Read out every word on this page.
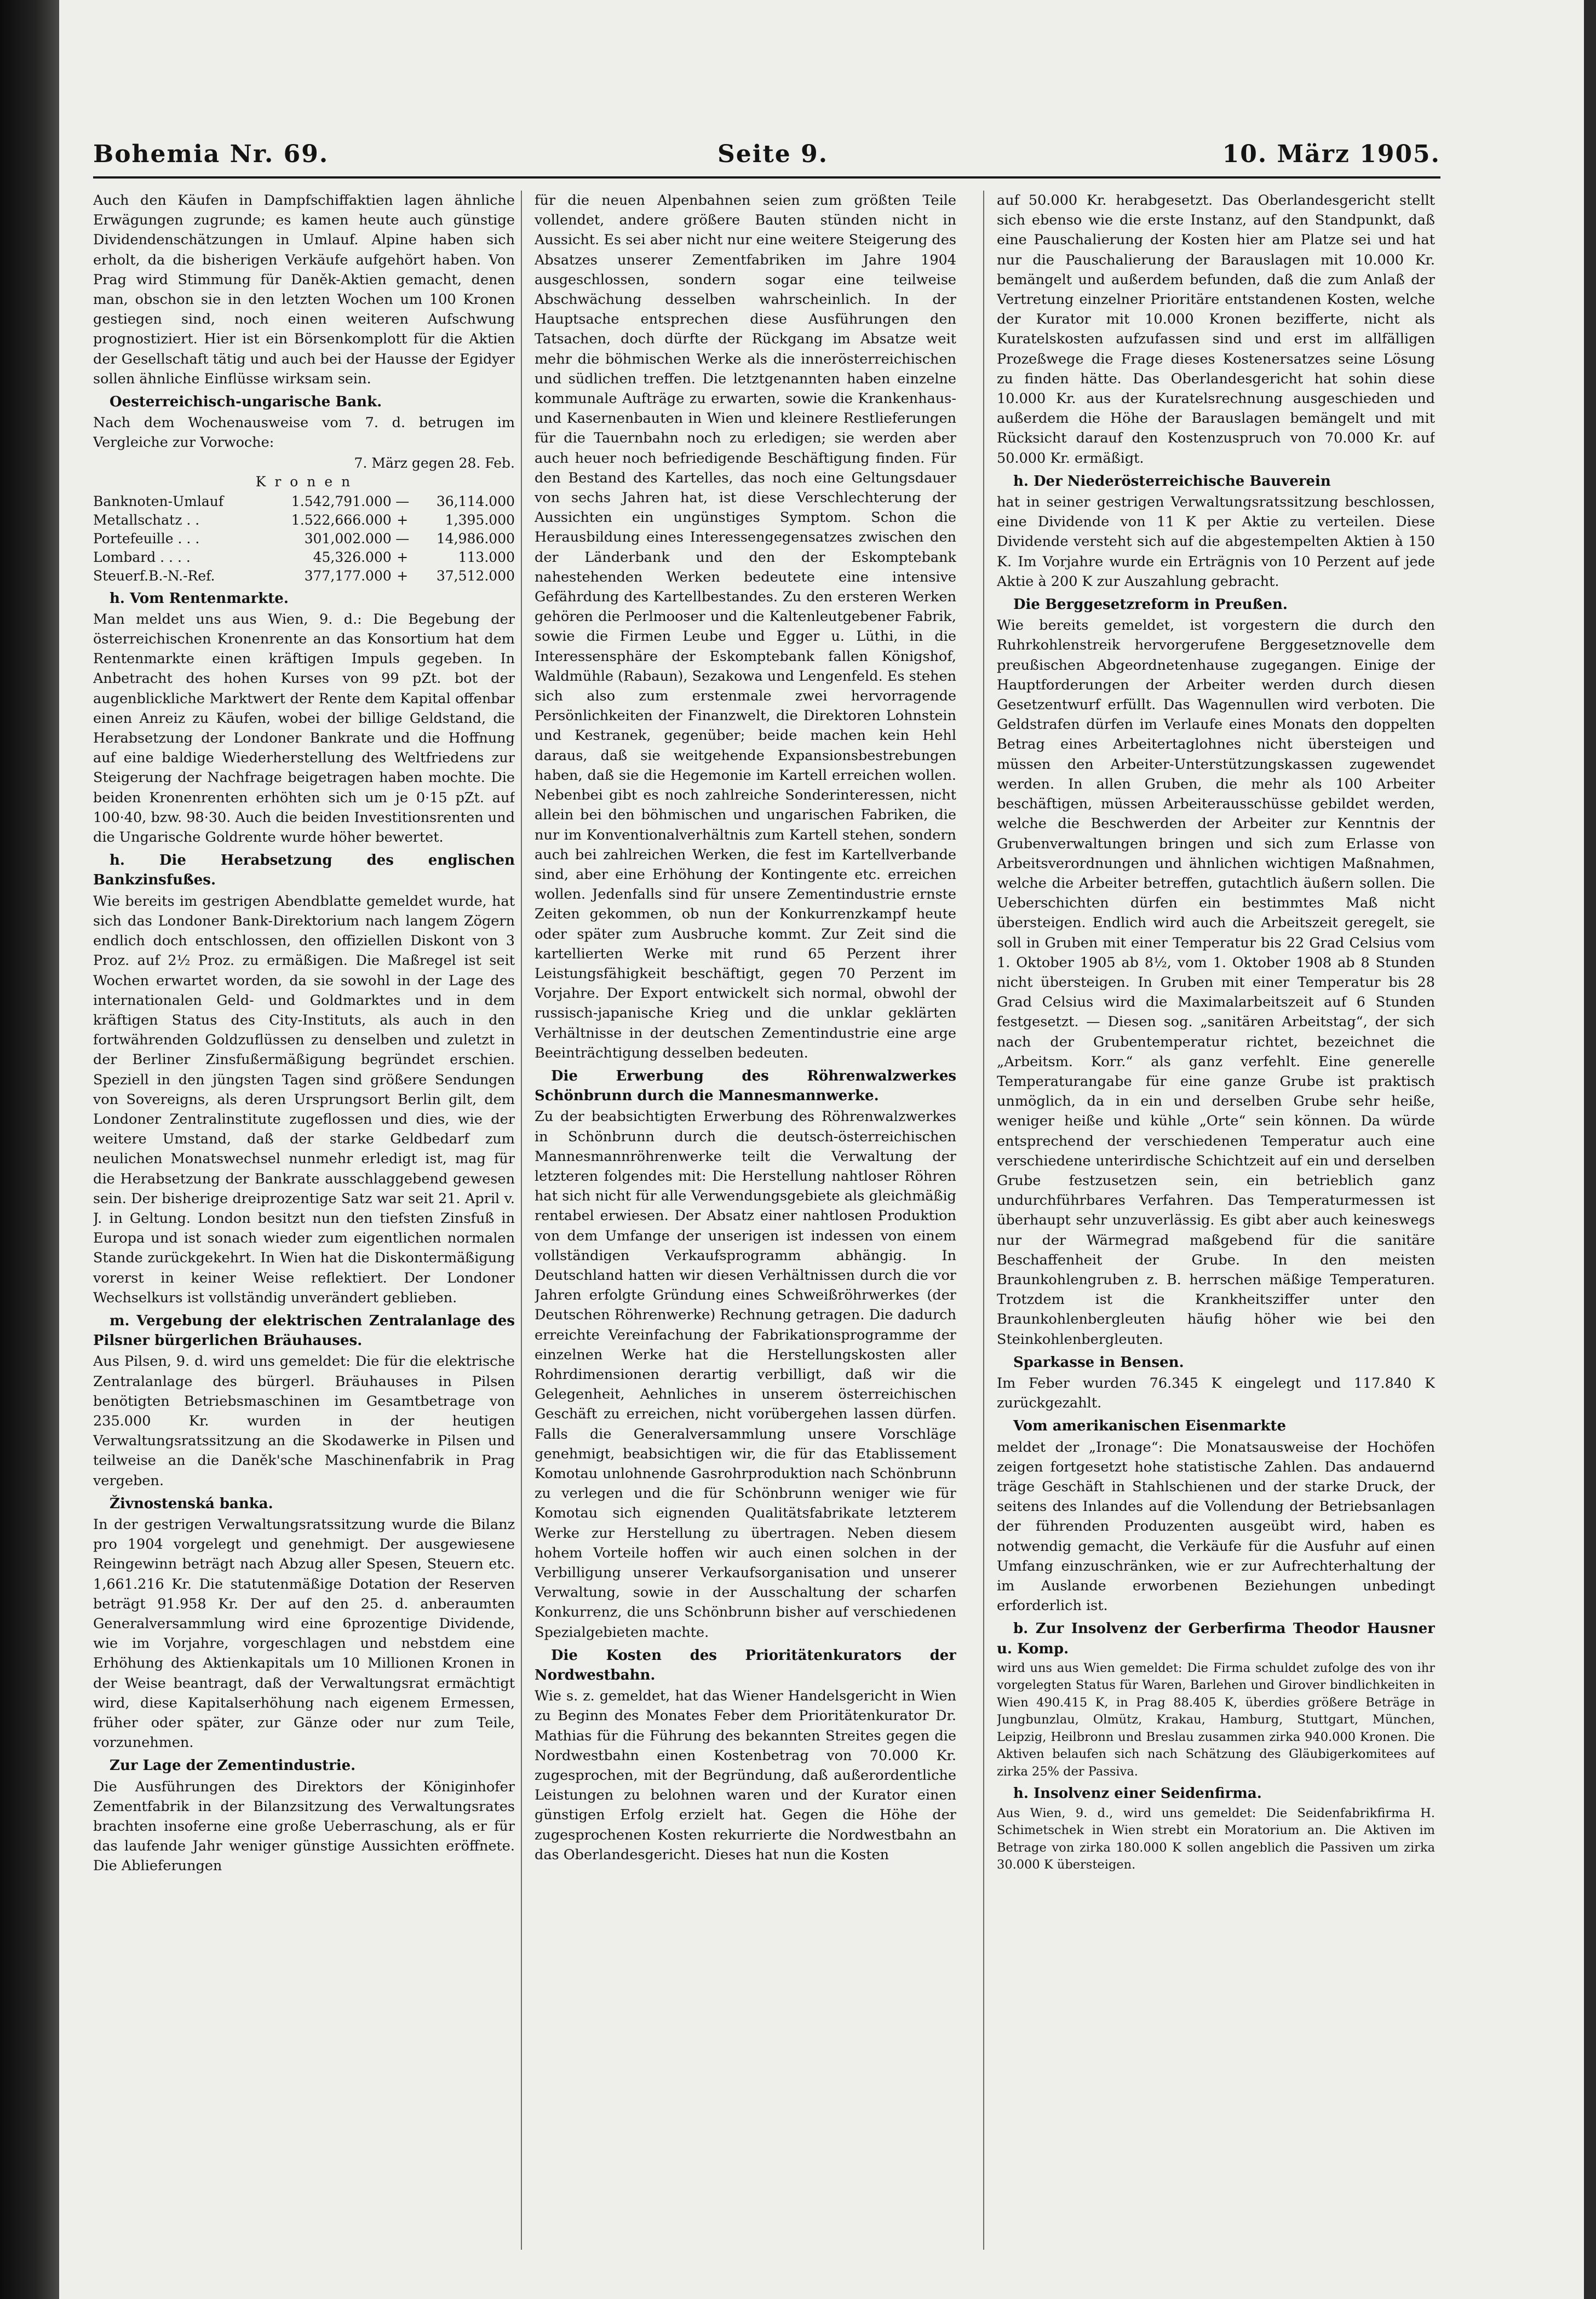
Bohemia Nr. 69.	Seite 9.	10. März 1905.

Auch den Käufen in Dampfschiffaktien lagen ähnliche Erwägungen zugrunde; es kamen heute auch günstige Dividendenschätzungen in Umlauf. Alpine haben sich erholt, da die bisherigen Verkäufe aufgehört haben. Von Prag wird Stimmung für Daněk-Aktien gemacht, denen man, obschon sie in den letzten Wochen um 100 Kronen gestiegen sind, noch einen weiteren Aufschwung prognostiziert. Hier ist ein Börsenkomplott für die Aktien der Gesellschaft tätig und auch bei der Hausse der Egidyer sollen ähnliche Einflüsse wirksam sein.

Oesterreichisch-ungarische Bank.

Nach dem Wochenausweise vom 7. d. betrugen im Vergleiche zur Vorwoche:

7. März gegen 28. Feb.
K r o n e n
Banknoten-Umlauf	1.542,791.000	—	36,114.000
Metallschatz . .	1.522,666.000	+	1,395.000
Portefeuille . . .	301,002.000	—	14,986.000
Lombard . . . .	45,326.000	+	113.000
Steuerf.B.-N.-Ref.	377,177.000	+	37,512.000
h. Vom Rentenmarkte.

Man meldet uns aus Wien, 9. d.: Die Begebung der österreichischen Kronenrente an das Konsortium hat dem Rentenmarkte einen kräftigen Impuls gegeben. In Anbetracht des hohen Kurses von 99 pZt. bot der augenblickliche Marktwert der Rente dem Kapital offenbar einen Anreiz zu Käufen, wobei der billige Geldstand, die Herabsetzung der Londoner Bankrate und die Hoffnung auf eine baldige Wiederherstellung des Weltfriedens zur Steigerung der Nachfrage beigetragen haben mochte. Die beiden Kronenrenten erhöhten sich um je 0·15 pZt. auf 100·40, bzw. 98·30. Auch die beiden Investitionsrenten und die Ungarische Goldrente wurde höher bewertet.

h. Die Herabsetzung des englischen Bankzinsfußes.

Wie bereits im gestrigen Abendblatte gemeldet wurde, hat sich das Londoner Bank-Direktorium nach langem Zögern endlich doch entschlossen, den offiziellen Diskont von 3 Proz. auf 2½ Proz. zu ermäßigen. Die Maßregel ist seit Wochen erwartet worden, da sie sowohl in der Lage des internationalen Geld- und Goldmarktes und in dem kräftigen Status des City-Instituts, als auch in den fortwährenden Goldzuflüssen zu denselben und zuletzt in der Berliner Zinsfußermäßigung begründet erschien. Speziell in den jüngsten Tagen sind größere Sendungen von Sovereigns, als deren Ursprungsort Berlin gilt, dem Londoner Zentralinstitute zugeflossen und dies, wie der weitere Umstand, daß der starke Geldbedarf zum neulichen Monatswechsel nunmehr erledigt ist, mag für die Herabsetzung der Bankrate ausschlaggebend gewesen sein. Der bisherige dreiprozentige Satz war seit 21. April v. J. in Geltung. London besitzt nun den tiefsten Zinsfuß in Europa und ist sonach wieder zum eigentlichen normalen Stande zurückgekehrt. In Wien hat die Diskontermäßigung vorerst in keiner Weise reflektiert. Der Londoner Wechselkurs ist vollständig unverändert geblieben.

m. Vergebung der elektrischen Zentralanlage des Pilsner bürgerlichen Bräuhauses.

Aus Pilsen, 9. d. wird uns gemeldet: Die für die elektrische Zentralanlage des bürgerl. Bräuhauses in Pilsen benötigten Betriebsmaschinen im Gesamtbetrage von 235.000 Kr. wurden in der heutigen Verwaltungsratssitzung an die Skodawerke in Pilsen und teilweise an die Daněk'sche Maschinenfabrik in Prag vergeben.

Živnostenská banka.

In der gestrigen Verwaltungsratssitzung wurde die Bilanz pro 1904 vorgelegt und genehmigt. Der ausgewiesene Reingewinn beträgt nach Abzug aller Spesen, Steuern etc. 1,661.216 Kr. Die statutenmäßige Dotation der Reserven beträgt 91.958 Kr. Der auf den 25. d. anberaumten Generalversammlung wird eine 6prozentige Dividende, wie im Vorjahre, vorgeschlagen und nebstdem eine Erhöhung des Aktienkapitals um 10 Millionen Kronen in der Weise beantragt, daß der Verwaltungsrat ermächtigt wird, diese Kapitalserhöhung nach eigenem Ermessen, früher oder später, zur Gänze oder nur zum Teile, vorzunehmen.

Zur Lage der Zementindustrie.

Die Ausführungen des Direktors der Königinhofer Zementfabrik in der Bilanzsitzung des Verwaltungsrates brachten insoferne eine große Ueberraschung, als er für das laufende Jahr weniger günstige Aussichten eröffnete. Die Ablieferungen

für die neuen Alpenbahnen seien zum größten Teile vollendet, andere größere Bauten stünden nicht in Aussicht. Es sei aber nicht nur eine weitere Steigerung des Absatzes unserer Zementfabriken im Jahre 1904 ausgeschlossen, sondern sogar eine teilweise Abschwächung desselben wahrscheinlich. In der Hauptsache entsprechen diese Ausführungen den Tatsachen, doch dürfte der Rückgang im Absatze weit mehr die böhmischen Werke als die innerösterreichischen und südlichen treffen. Die letztgenannten haben einzelne kommunale Aufträge zu erwarten, sowie die Krankenhaus- und Kasernenbauten in Wien und kleinere Restlieferungen für die Tauernbahn noch zu erledigen; sie werden aber auch heuer noch befriedigende Beschäftigung finden. Für den Bestand des Kartelles, das noch eine Geltungsdauer von sechs Jahren hat, ist diese Verschlechterung der Aussichten ein ungünstiges Symptom. Schon die Herausbildung eines Interessengegensatzes zwischen den der Länderbank und den der Eskomptebank nahestehenden Werken bedeutete eine intensive Gefährdung des Kartellbestandes. Zu den ersteren Werken gehören die Perlmooser und die Kaltenleutgebener Fabrik, sowie die Firmen Leube und Egger u. Lüthi, in die Interessensphäre der Eskomptebank fallen Königshof, Waldmühle (Rabaun), Sezakowa und Lengenfeld. Es stehen sich also zum erstenmale zwei hervorragende Persönlichkeiten der Finanzwelt, die Direktoren Lohnstein und Kestranek, gegenüber; beide machen kein Hehl daraus, daß sie weitgehende Expansionsbestrebungen haben, daß sie die Hegemonie im Kartell erreichen wollen. Nebenbei gibt es noch zahlreiche Sonderinteressen, nicht allein bei den böhmischen und ungarischen Fabriken, die nur im Konventionalverhältnis zum Kartell stehen, sondern auch bei zahlreichen Werken, die fest im Kartellverbande sind, aber eine Erhöhung der Kontingente etc. erreichen wollen. Jedenfalls sind für unsere Zementindustrie ernste Zeiten gekommen, ob nun der Konkurrenzkampf heute oder später zum Ausbruche kommt. Zur Zeit sind die kartellierten Werke mit rund 65 Perzent ihrer Leistungsfähigkeit beschäftigt, gegen 70 Perzent im Vorjahre. Der Export entwickelt sich normal, obwohl der russisch-japanische Krieg und die unklar geklärten Verhältnisse in der deutschen Zementindustrie eine arge Beeinträchtigung desselben bedeuten.

Die Erwerbung des Röhrenwalzwerkes Schönbrunn durch die Mannesmannwerke.

Zu der beabsichtigten Erwerbung des Röhrenwalzwerkes in Schönbrunn durch die deutsch-österreichischen Mannesmannröhrenwerke teilt die Verwaltung der letzteren folgendes mit: Die Herstellung nahtloser Röhren hat sich nicht für alle Verwendungsgebiete als gleichmäßig rentabel erwiesen. Der Absatz einer nahtlosen Produktion von dem Umfange der unserigen ist indessen von einem vollständigen Verkaufsprogramm abhängig. In Deutschland hatten wir diesen Verhältnissen durch die vor Jahren erfolgte Gründung eines Schweißröhrwerkes (der Deutschen Röhrenwerke) Rechnung getragen. Die dadurch erreichte Vereinfachung der Fabrikationsprogramme der einzelnen Werke hat die Herstellungskosten aller Rohrdimensionen derartig verbilligt, daß wir die Gelegenheit, Aehnliches in unserem österreichischen Geschäft zu erreichen, nicht vorübergehen lassen dürfen. Falls die Generalversammlung unsere Vorschläge genehmigt, beabsichtigen wir, die für das Etablissement Komotau unlohnende Gasrohrproduktion nach Schönbrunn zu verlegen und die für Schönbrunn weniger wie für Komotau sich eignenden Qualitätsfabrikate letzterem Werke zur Herstellung zu übertragen. Neben diesem hohem Vorteile hoffen wir auch einen solchen in der Verbilligung unserer Verkaufsorganisation und unserer Verwaltung, sowie in der Ausschaltung der scharfen Konkurrenz, die uns Schönbrunn bisher auf verschiedenen Spezialgebieten machte.

Die Kosten des Prioritätenkurators der Nordwestbahn.

Wie s. z. gemeldet, hat das Wiener Handelsgericht in Wien zu Beginn des Monates Feber dem Prioritätenkurator Dr. Mathias für die Führung des bekannten Streites gegen die Nordwestbahn einen Kostenbetrag von 70.000 Kr. zugesprochen, mit der Begründung, daß außerordentliche Leistungen zu belohnen waren und der Kurator einen günstigen Erfolg erzielt hat. Gegen die Höhe der zugesprochenen Kosten rekurrierte die Nordwestbahn an das Oberlandesgericht. Dieses hat nun die Kosten

auf 50.000 Kr. herabgesetzt. Das Oberlandesgericht stellt sich ebenso wie die erste Instanz, auf den Standpunkt, daß eine Pauschalierung der Kosten hier am Platze sei und hat nur die Pauschalierung der Barauslagen mit 10.000 Kr. bemängelt und außerdem befunden, daß die zum Anlaß der Vertretung einzelner Prioritäre entstandenen Kosten, welche der Kurator mit 10.000 Kronen bezifferte, nicht als Kuratelskosten aufzufassen sind und erst im allfälligen Prozeßwege die Frage dieses Kostenersatzes seine Lösung zu finden hätte. Das Oberlandesgericht hat sohin diese 10.000 Kr. aus der Kuratelsrechnung ausgeschieden und außerdem die Höhe der Barauslagen bemängelt und mit Rücksicht darauf den Kostenzuspruch von 70.000 Kr. auf 50.000 Kr. ermäßigt.

h. Der Niederösterreichische Bauverein

hat in seiner gestrigen Verwaltungsratssitzung beschlossen, eine Dividende von 11 K per Aktie zu verteilen. Diese Dividende versteht sich auf die abgestempelten Aktien à 150 K. Im Vorjahre wurde ein Erträgnis von 10 Perzent auf jede Aktie à 200 K zur Auszahlung gebracht.

Die Berggesetzreform in Preußen.

Wie bereits gemeldet, ist vorgestern die durch den Ruhrkohlenstreik hervorgerufene Berggesetznovelle dem preußischen Abgeordnetenhause zugegangen. Einige der Hauptforderungen der Arbeiter werden durch diesen Gesetzentwurf erfüllt. Das Wagennullen wird verboten. Die Geldstrafen dürfen im Verlaufe eines Monats den doppelten Betrag eines Arbeitertaglohnes nicht übersteigen und müssen den Arbeiter-Unterstützungskassen zugewendet werden. In allen Gruben, die mehr als 100 Arbeiter beschäftigen, müssen Arbeiterausschüsse gebildet werden, welche die Beschwerden der Arbeiter zur Kenntnis der Grubenverwaltungen bringen und sich zum Erlasse von Arbeitsverordnungen und ähnlichen wichtigen Maßnahmen, welche die Arbeiter betreffen, gutachtlich äußern sollen. Die Ueberschichten dürfen ein bestimmtes Maß nicht übersteigen. Endlich wird auch die Arbeitszeit geregelt, sie soll in Gruben mit einer Temperatur bis 22 Grad Celsius vom 1. Oktober 1905 ab 8½, vom 1. Oktober 1908 ab 8 Stunden nicht übersteigen. In Gruben mit einer Temperatur bis 28 Grad Celsius wird die Maximalarbeitszeit auf 6 Stunden festgesetzt. — Diesen sog. „sanitären Arbeitstag“, der sich nach der Grubentemperatur richtet, bezeichnet die „Arbeitsm. Korr.“ als ganz verfehlt. Eine generelle Temperaturangabe für eine ganze Grube ist praktisch unmöglich, da in ein und derselben Grube sehr heiße, weniger heiße und kühle „Orte“ sein können. Da würde entsprechend der verschiedenen Temperatur auch eine verschiedene unterirdische Schichtzeit auf ein und derselben Grube festzusetzen sein, ein betrieblich ganz undurchführbares Verfahren. Das Temperaturmessen ist überhaupt sehr unzuverlässig. Es gibt aber auch keineswegs nur der Wärmegrad maßgebend für die sanitäre Beschaffenheit der Grube. In den meisten Braunkohlengruben z. B. herrschen mäßige Temperaturen. Trotzdem ist die Krankheitsziffer unter den Braunkohlenbergleuten häufig höher wie bei den Steinkohlenbergleuten.

Sparkasse in Bensen.

Im Feber wurden 76.345 K eingelegt und 117.840 K zurückgezahlt.

Vom amerikanischen Eisenmarkte

meldet der „Ironage“: Die Monatsausweise der Hochöfen zeigen fortgesetzt hohe statistische Zahlen. Das andauernd träge Geschäft in Stahlschienen und der starke Druck, der seitens des Inlandes auf die Vollendung der Betriebsanlagen der führenden Produzenten ausgeübt wird, haben es notwendig gemacht, die Verkäufe für die Ausfuhr auf einen Umfang einzuschränken, wie er zur Aufrechterhaltung der im Auslande erworbenen Beziehungen unbedingt erforderlich ist.

b. Zur Insolvenz der Gerberfirma Theodor Hausner u. Komp.

wird uns aus Wien gemeldet: Die Firma schuldet zufolge des von ihr vorgelegten Status für Waren, Barlehen und Girover bindlichkeiten in Wien 490.415 K, in Prag 88.405 K, überdies größere Beträge in Jungbunzlau, Olmütz, Krakau, Hamburg, Stuttgart, München, Leipzig, Heilbronn und Breslau zusammen zirka 940.000 Kronen. Die Aktiven belaufen sich nach Schätzung des Gläubigerkomitees auf zirka 25% der Passiva.

h. Insolvenz einer Seidenfirma.

Aus Wien, 9. d., wird uns gemeldet: Die Seidenfabrikfirma H. Schimetschek in Wien strebt ein Moratorium an. Die Aktiven im Betrage von zirka 180.000 K sollen angeblich die Passiven um zirka 30.000 K übersteigen.
